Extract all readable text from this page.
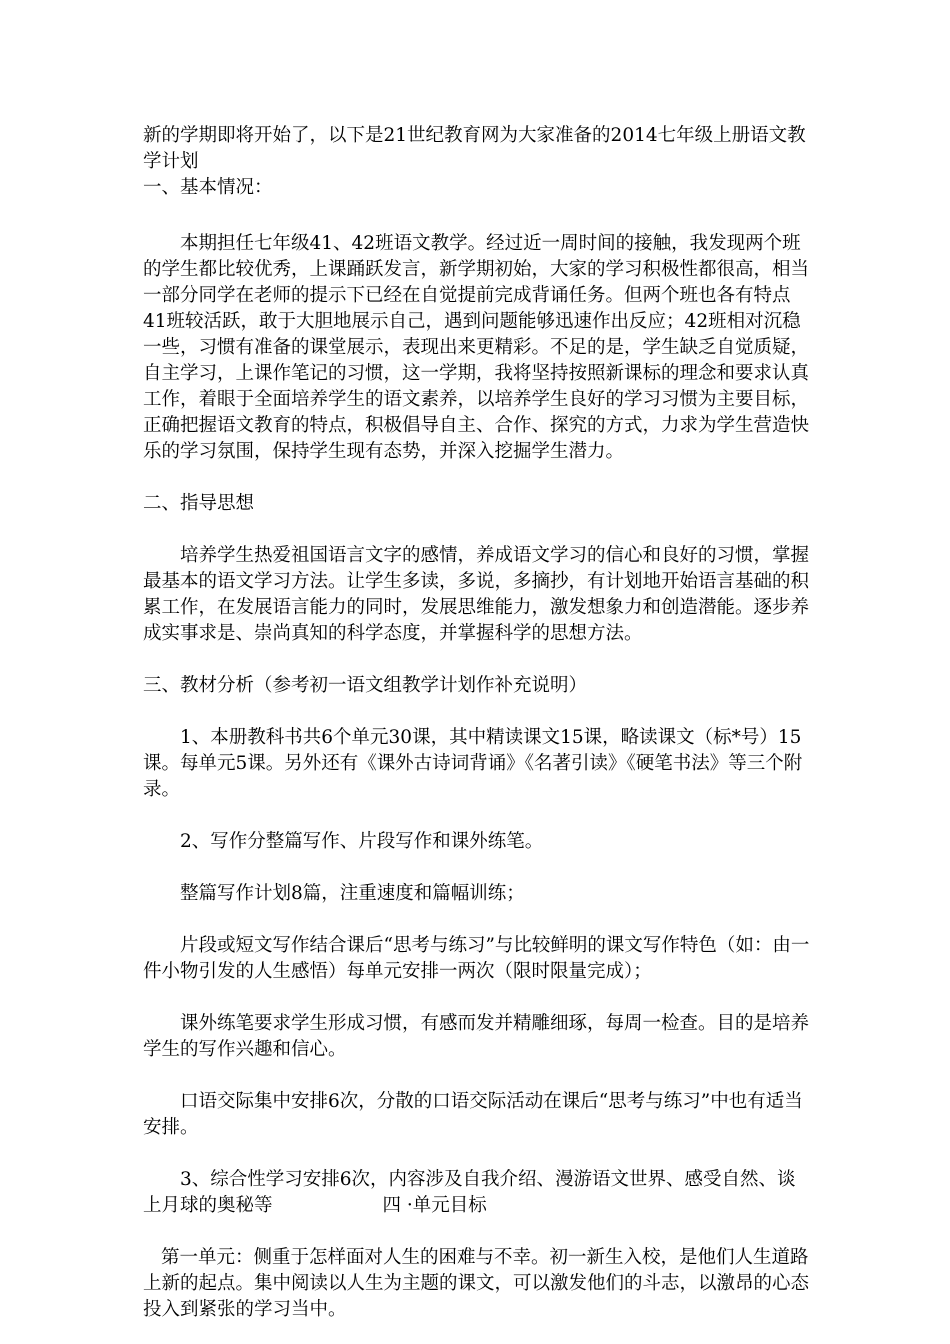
新的学期即将开始了，以下是21世纪教育网为大家准备的2014七年级上册语文教学计划

一、基本情况：

本期担任七年级41、42班语文教学。经过近一周时间的接触，我发现两个班的学生都比较优秀，上课踊跃发言，新学期初始，大家的学习积极性都很高，相当一部分同学在老师的提示下已经在自觉提前完成背诵任务。但两个班也各有特点41班较活跃，敢于大胆地展示自己，遇到问题能够迅速作出反应；42班相对沉稳一些，习惯有准备的课堂展示，表现出来更精彩。不足的是，学生缺乏自觉质疑，自主学习，上课作笔记的习惯，这一学期，我将坚持按照新课标的理念和要求认真工作，着眼于全面培养学生的语文素养，以培养学生良好的学习习惯为主要目标，正确把握语文教育的特点，积极倡导自主、合作、探究的方式，力求为学生营造快乐的学习氛围，保持学生现有态势，并深入挖掘学生潜力。

二、指导思想

培养学生热爱祖国语言文字的感情，养成语文学习的信心和良好的习惯，掌握最基本的语文学习方法。让学生多读，多说，多摘抄，有计划地开始语言基础的积累工作，在发展语言能力的同时，发展思维能力，激发想象力和创造潜能。逐步养成实事求是、崇尚真知的科学态度，并掌握科学的思想方法。

三、教材分析（参考初一语文组教学计划作补充说明）

1、本册教科书共6个单元30课，其中精读课文15课，略读课文（标*号）15课。每单元5课。另外还有《课外古诗词背诵》《名著引读》《硬笔书法》等三个附录。

2、写作分整篇写作、片段写作和课外练笔。

整篇写作计划8篇，注重速度和篇幅训练；

片段或短文写作结合课后“思考与练习”与比较鲜明的课文写作特色（如：由一件小物引发的人生感悟）每单元安排一两次（限时限量完成）；

课外练笔要求学生形成习惯，有感而发并精雕细琢，每周一检查。目的是培养学生的写作兴趣和信心。

口语交际集中安排6次，分散的口语交际活动在课后“思考与练习”中也有适当安排。

3、综合性学习安排6次，内容涉及自我介绍、漫游语文世界、感受自然、谈上月球的奥秘等	四 ·单元目标

第一单元：侧重于怎样面对人生的困难与不幸。初一新生入校，是他们人生道路上新的起点。集中阅读以人生为主题的课文，可以激发他们的斗志，以激昂的心态投入到紧张的学习当中。
